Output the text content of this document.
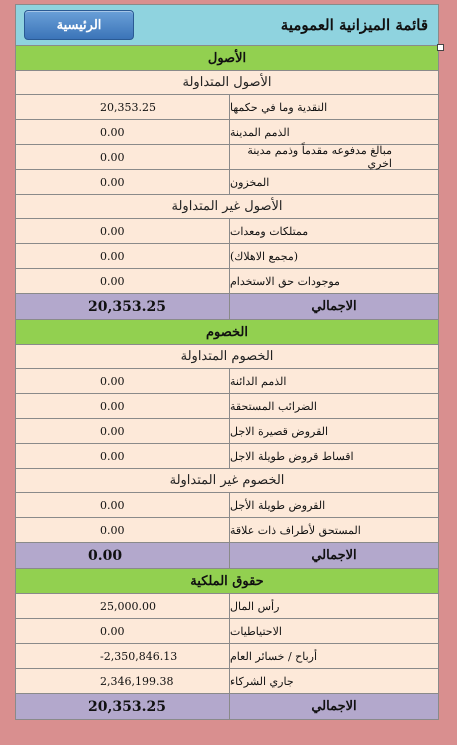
الرئيسية	قائمة الميزانية العمومية
الأصول
الأصول المتداولة
20,353.25	النقدية وما في حكمها
0.00	الذمم المدينة
0.00	مبالغ مدفوعه مقدماً وذمم مدينة اخري
0.00	المخزون
الأصول غير المتداولة
0.00	ممتلكات ومعدات
0.00	(مجمع الاهلاك)
0.00	موجودات حق الاستخدام
20,353.25	الاجمالي
الخصوم
الخصوم المتداولة
0.00	الذمم الدائنة
0.00	الضرائب المستحقة
0.00	القروض قصيرة الاجل
0.00	اقساط قروض طويلة الاجل
الخصوم غير المتداولة
0.00	القروض طويلة الأجل
0.00	المستحق لأطراف ذات علاقة
0.00	الاجمالي
حقوق الملكية
25,000.00	رأس المال
0.00	الاحتياطيات
-2,350,846.13	أرباح / خسائر العام
2,346,199.38	جاري الشركاء
20,353.25	الاجمالي
